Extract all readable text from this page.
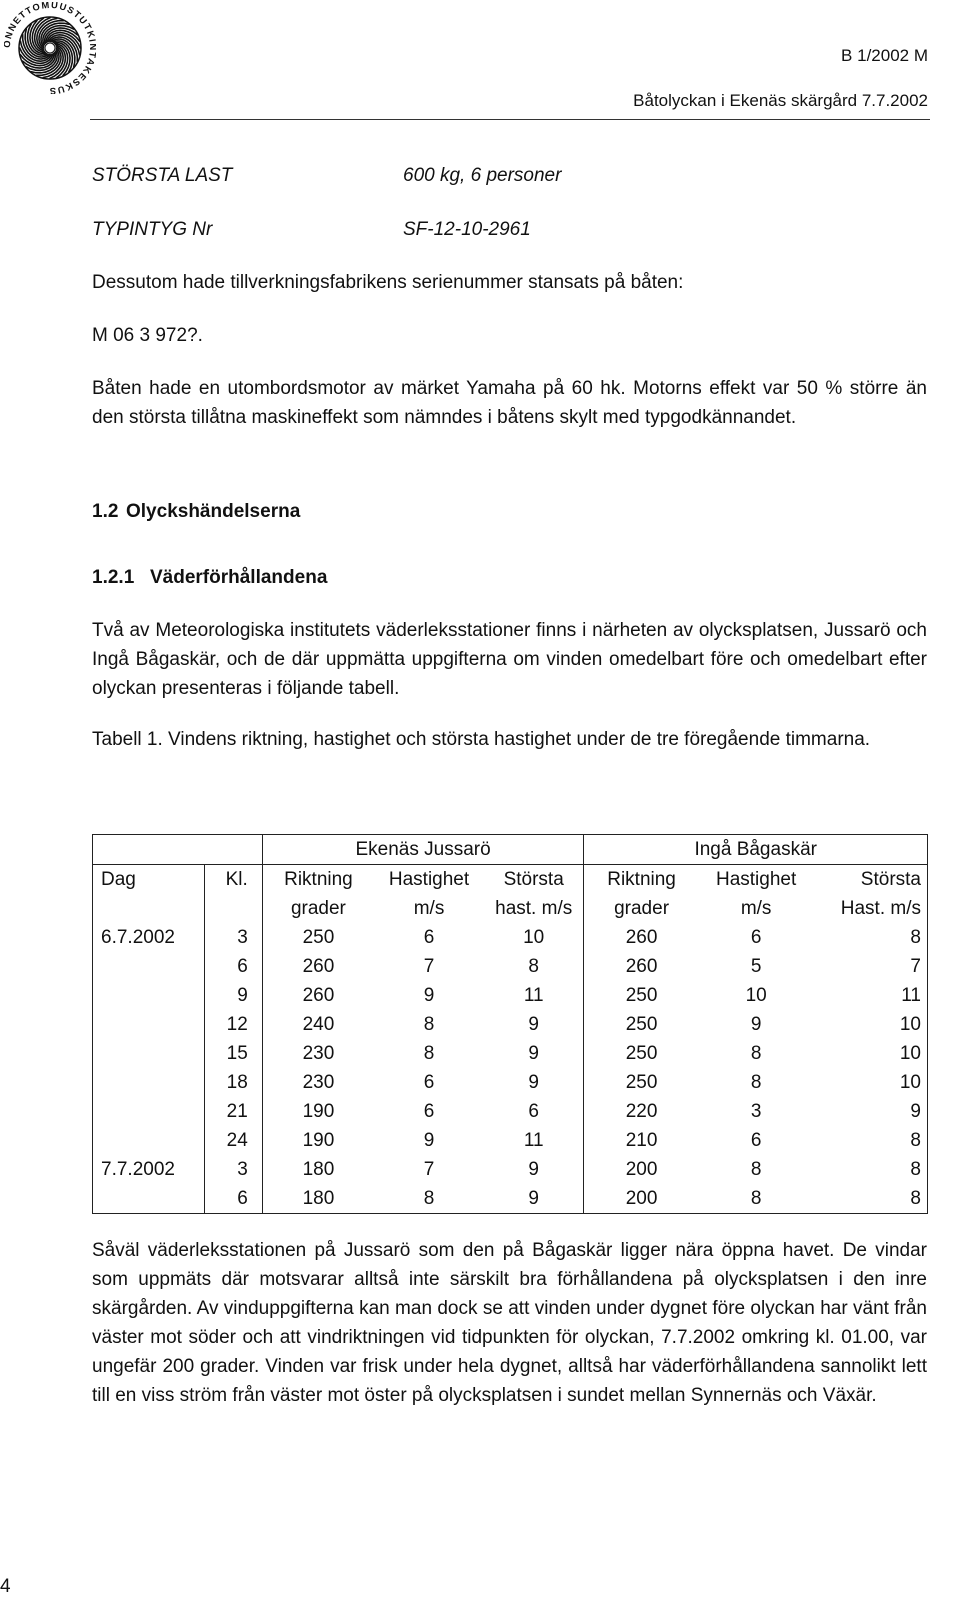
NNETTOMUUSTUTK AKESKUS
B 1/2002 M
Båtolyckan i Ekenäs skärgård 7.7.2002
STÖRSTA LAST	600 kg, 6 personer
TYPINTYG Nr	SF-12-10-2961
Dessutom hade tillverkningsfabrikens serienummer stansats på båten:
M 06 3 972?.
Båten hade en utombordsmotor av märket Yamaha på 60 hk. Motorns effekt var 50 % större än den största tillåtna maskineffekt som nämndes i båtens skylt med typgodkännandet.
1.2 Olyckshändelserna
1.2.1 Väderförhållandena
Två av Meteorologiska institutets väderleksstationer finns i närheten av olycksplatsen, Jussarö och Ingå Bågaskär, och de där uppmätta uppgifterna om vinden omedelbart före och omedelbart efter olyckan presenteras i följande tabell.
Tabell 1. Vindens riktning, hastighet och största hastighet under de tre föregående timmarna.
		Ekenäs Jussarö			Ingå Bågaskär		
Dag	Kl.	Riktning	Hastighet	Största	Riktning	Hastighet	Största
		grader	m/s	hast. m/s	grader	m/s	Hast. m/s
6.7.2002	3	250	6	10	260	6	8
	6	260	7	8	260	5	7
	9	260	9	11	250	10	11
	12	240	8	9	250	9	10
	15	230	8	9	250	8	10
	18	230	6	9	250	8	10
	21	190	6	6	220	3	9
	24	190	9	11	210	6	8
7.7.2002	3	180	7	9	200	8	8
	6	180	8	9	200	8	8
Såväl väderleksstationen på Jussarö som den på Bågaskär ligger nära öppna havet. De vindar som uppmäts där motsvarar alltså inte särskilt bra förhållandena på olycksplatsen i den inre skärgården. Av vinduppgifterna kan man dock se att vinden under dygnet före olyckan har vänt från väster mot söder och att vindriktningen vid tidpunkten för olyckan, 7.7.2002 omkring kl. 01.00, var ungefär 200 grader. Vinden var frisk under hela dygnet, alltså har väderförhållandena sannolikt lett till en viss ström från väster mot öster på olycksplatsen i sundet mellan Synnernäs och Växär.
4
